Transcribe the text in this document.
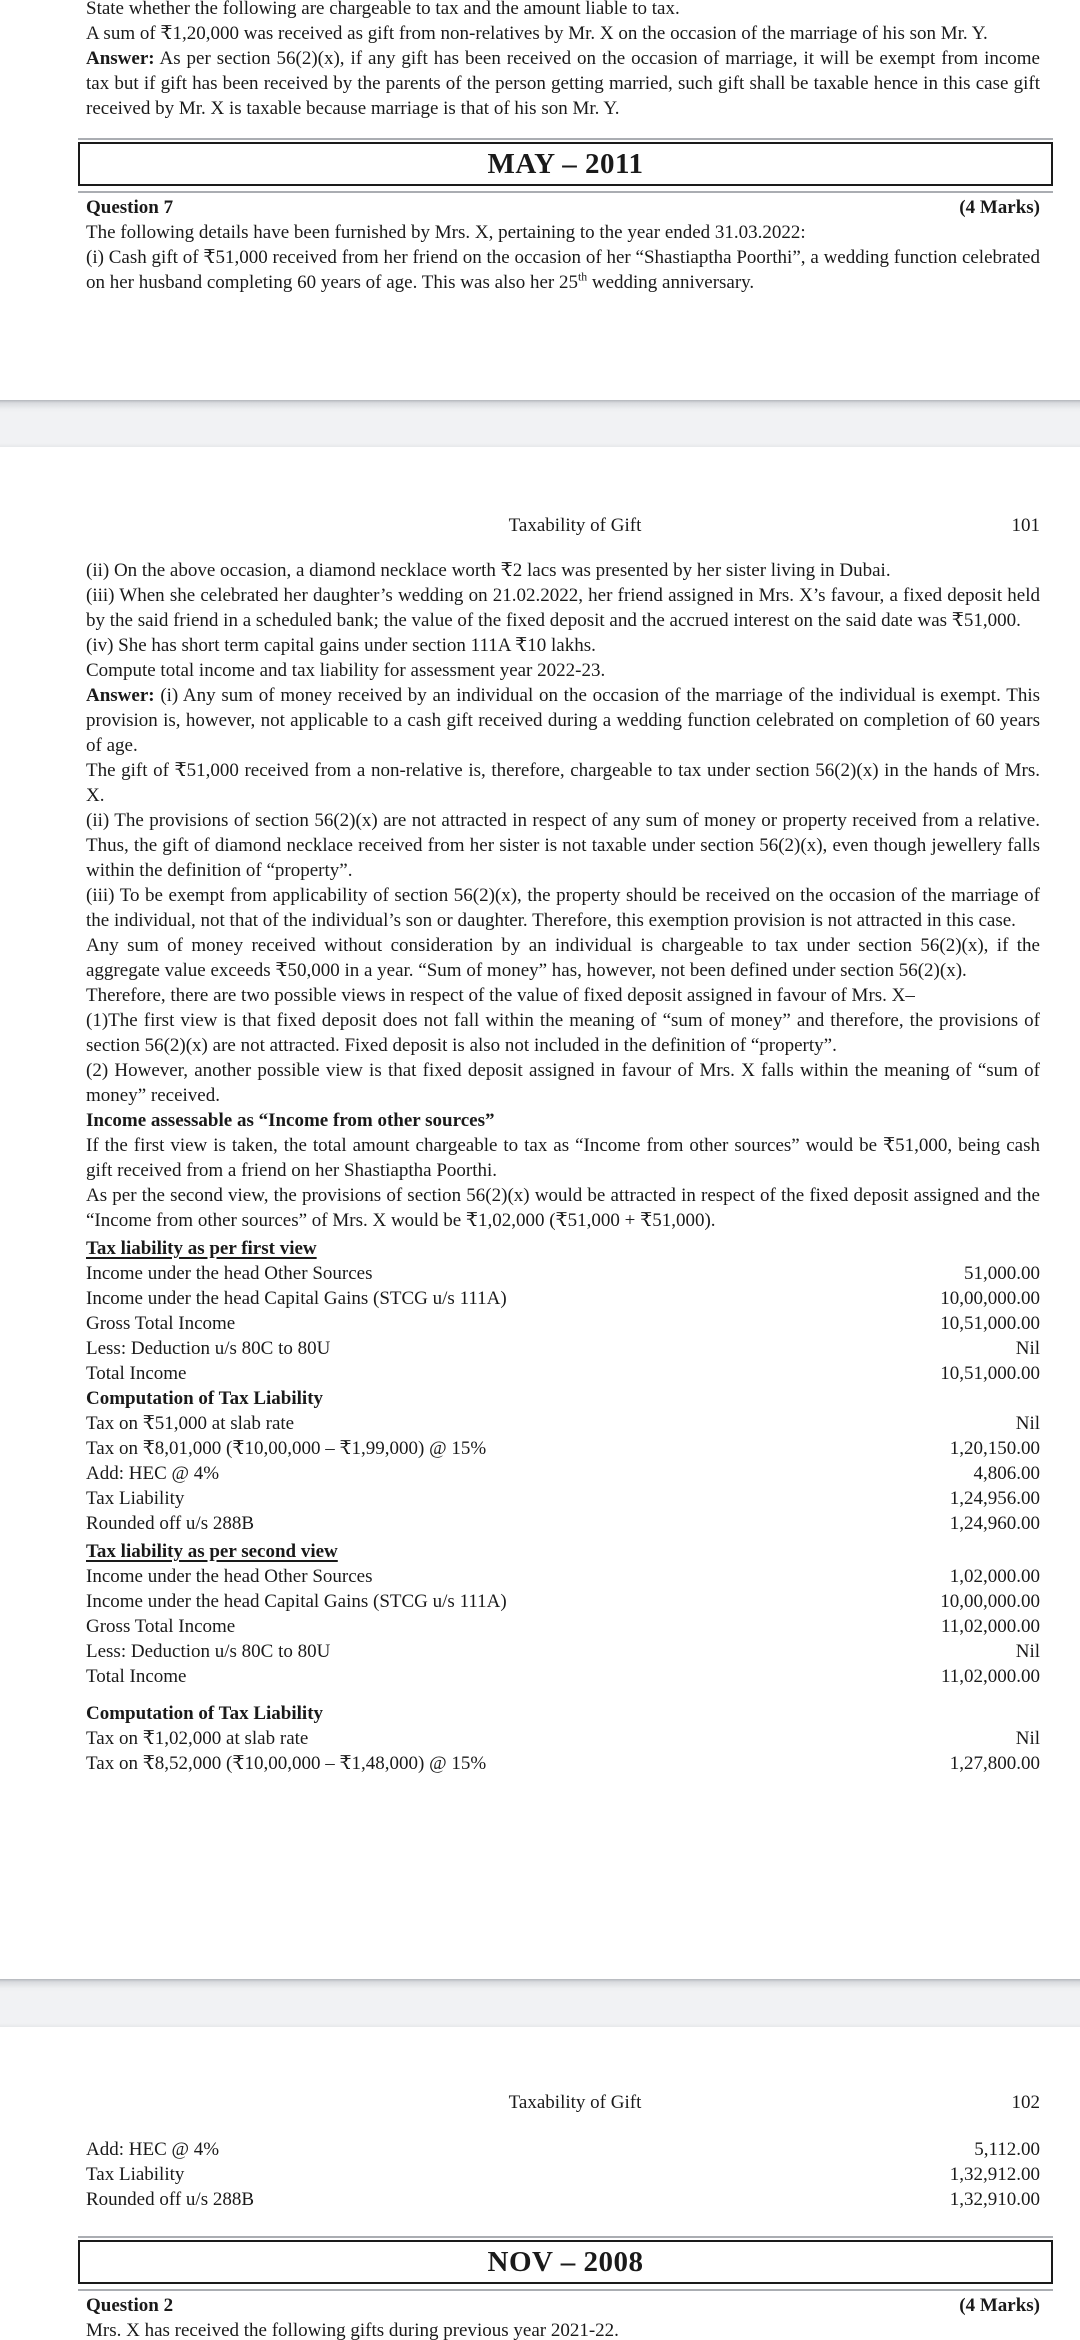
State whether the following are chargeable to tax and the amount liable to tax.

A sum of ₹1,20,000 was received as gift from non-relatives by Mr. X on the occasion of the marriage of his son Mr. Y.

Answer: As per section 56(2)(x), if any gift has been received on the occasion of marriage, it will be exempt from income tax but if gift has been received by the parents of the person getting married, such gift shall be taxable hence in this case gift received by Mr. X is taxable because marriage is that of his son Mr. Y.

MAY – 2011
Question 7	(4 Marks)

The following details have been furnished by Mrs. X, pertaining to the year ended 31.03.2022:

(i) Cash gift of ₹51,000 received from her friend on the occasion of her “Shastiaptha Poorthi”, a wedding function celebrated on her husband completing 60 years of age. This was also her 25th wedding anniversary.

Taxability of Gift	101

(ii) On the above occasion, a diamond necklace worth ₹2 lacs was presented by her sister living in Dubai.

(iii) When she celebrated her daughter’s wedding on 21.02.2022, her friend assigned in Mrs. X’s favour, a fixed deposit held by the said friend in a scheduled bank; the value of the fixed deposit and the accrued interest on the said date was ₹51,000.

(iv) She has short term capital gains under section 111A ₹10 lakhs.

Compute total income and tax liability for assessment year 2022-23.

Answer: (i) Any sum of money received by an individual on the occasion of the marriage of the individual is exempt. This provision is, however, not applicable to a cash gift received during a wedding function celebrated on completion of 60 years of age.

The gift of ₹51,000 received from a non-relative is, therefore, chargeable to tax under section 56(2)(x) in the hands of Mrs. X.

(ii) The provisions of section 56(2)(x) are not attracted in respect of any sum of money or property received from a relative. Thus, the gift of diamond necklace received from her sister is not taxable under section 56(2)(x), even though jewellery falls within the definition of “property”.

(iii) To be exempt from applicability of section 56(2)(x), the property should be received on the occasion of the marriage of the individual, not that of the individual’s son or daughter. Therefore, this exemption provision is not attracted in this case.

Any sum of money received without consideration by an individual is chargeable to tax under section 56(2)(x), if the aggregate value exceeds ₹50,000 in a year. “Sum of money” has, however, not been defined under section 56(2)(x).

Therefore, there are two possible views in respect of the value of fixed deposit assigned in favour of Mrs. X–

(1)The first view is that fixed deposit does not fall within the meaning of “sum of money” and therefore, the provisions of section 56(2)(x) are not attracted. Fixed deposit is also not included in the definition of “property”.

(2) However, another possible view is that fixed deposit assigned in favour of Mrs. X falls within the meaning of “sum of money” received.

Income assessable as “Income from other sources”

If the first view is taken, the total amount chargeable to tax as “Income from other sources” would be ₹51,000, being cash gift received from a friend on her Shastiaptha Poorthi.

As per the second view, the provisions of section 56(2)(x) would be attracted in respect of the fixed deposit assigned and the “Income from other sources” of Mrs. X would be ₹1,02,000 (₹51,000 + ₹51,000).

Tax liability as per first view
Income under the head Other Sources	51,000.00
Income under the head Capital Gains (STCG u/s 111A)	10,00,000.00
Gross Total Income	10,51,000.00
Less: Deduction u/s 80C to 80U	Nil
Total Income	10,51,000.00
Computation of Tax Liability
Tax on ₹51,000 at slab rate	Nil
Tax on ₹8,01,000 (₹10,00,000 – ₹1,99,000) @ 15%	1,20,150.00
Add: HEC @ 4%	4,806.00
Tax Liability	1,24,956.00
Rounded off u/s 288B	1,24,960.00
Tax liability as per second view
Income under the head Other Sources	1,02,000.00
Income under the head Capital Gains (STCG u/s 111A)	10,00,000.00
Gross Total Income	11,02,000.00
Less: Deduction u/s 80C to 80U	Nil
Total Income	11,02,000.00
Computation of Tax Liability
Tax on ₹1,02,000 at slab rate	Nil
Tax on ₹8,52,000 (₹10,00,000 – ₹1,48,000) @ 15%	1,27,800.00
Taxability of Gift	102
Add: HEC @ 4%	5,112.00
Tax Liability	1,32,912.00
Rounded off u/s 288B	1,32,910.00
NOV – 2008
Question 2	(4 Marks)

Mrs. X has received the following gifts during previous year 2021-22.
